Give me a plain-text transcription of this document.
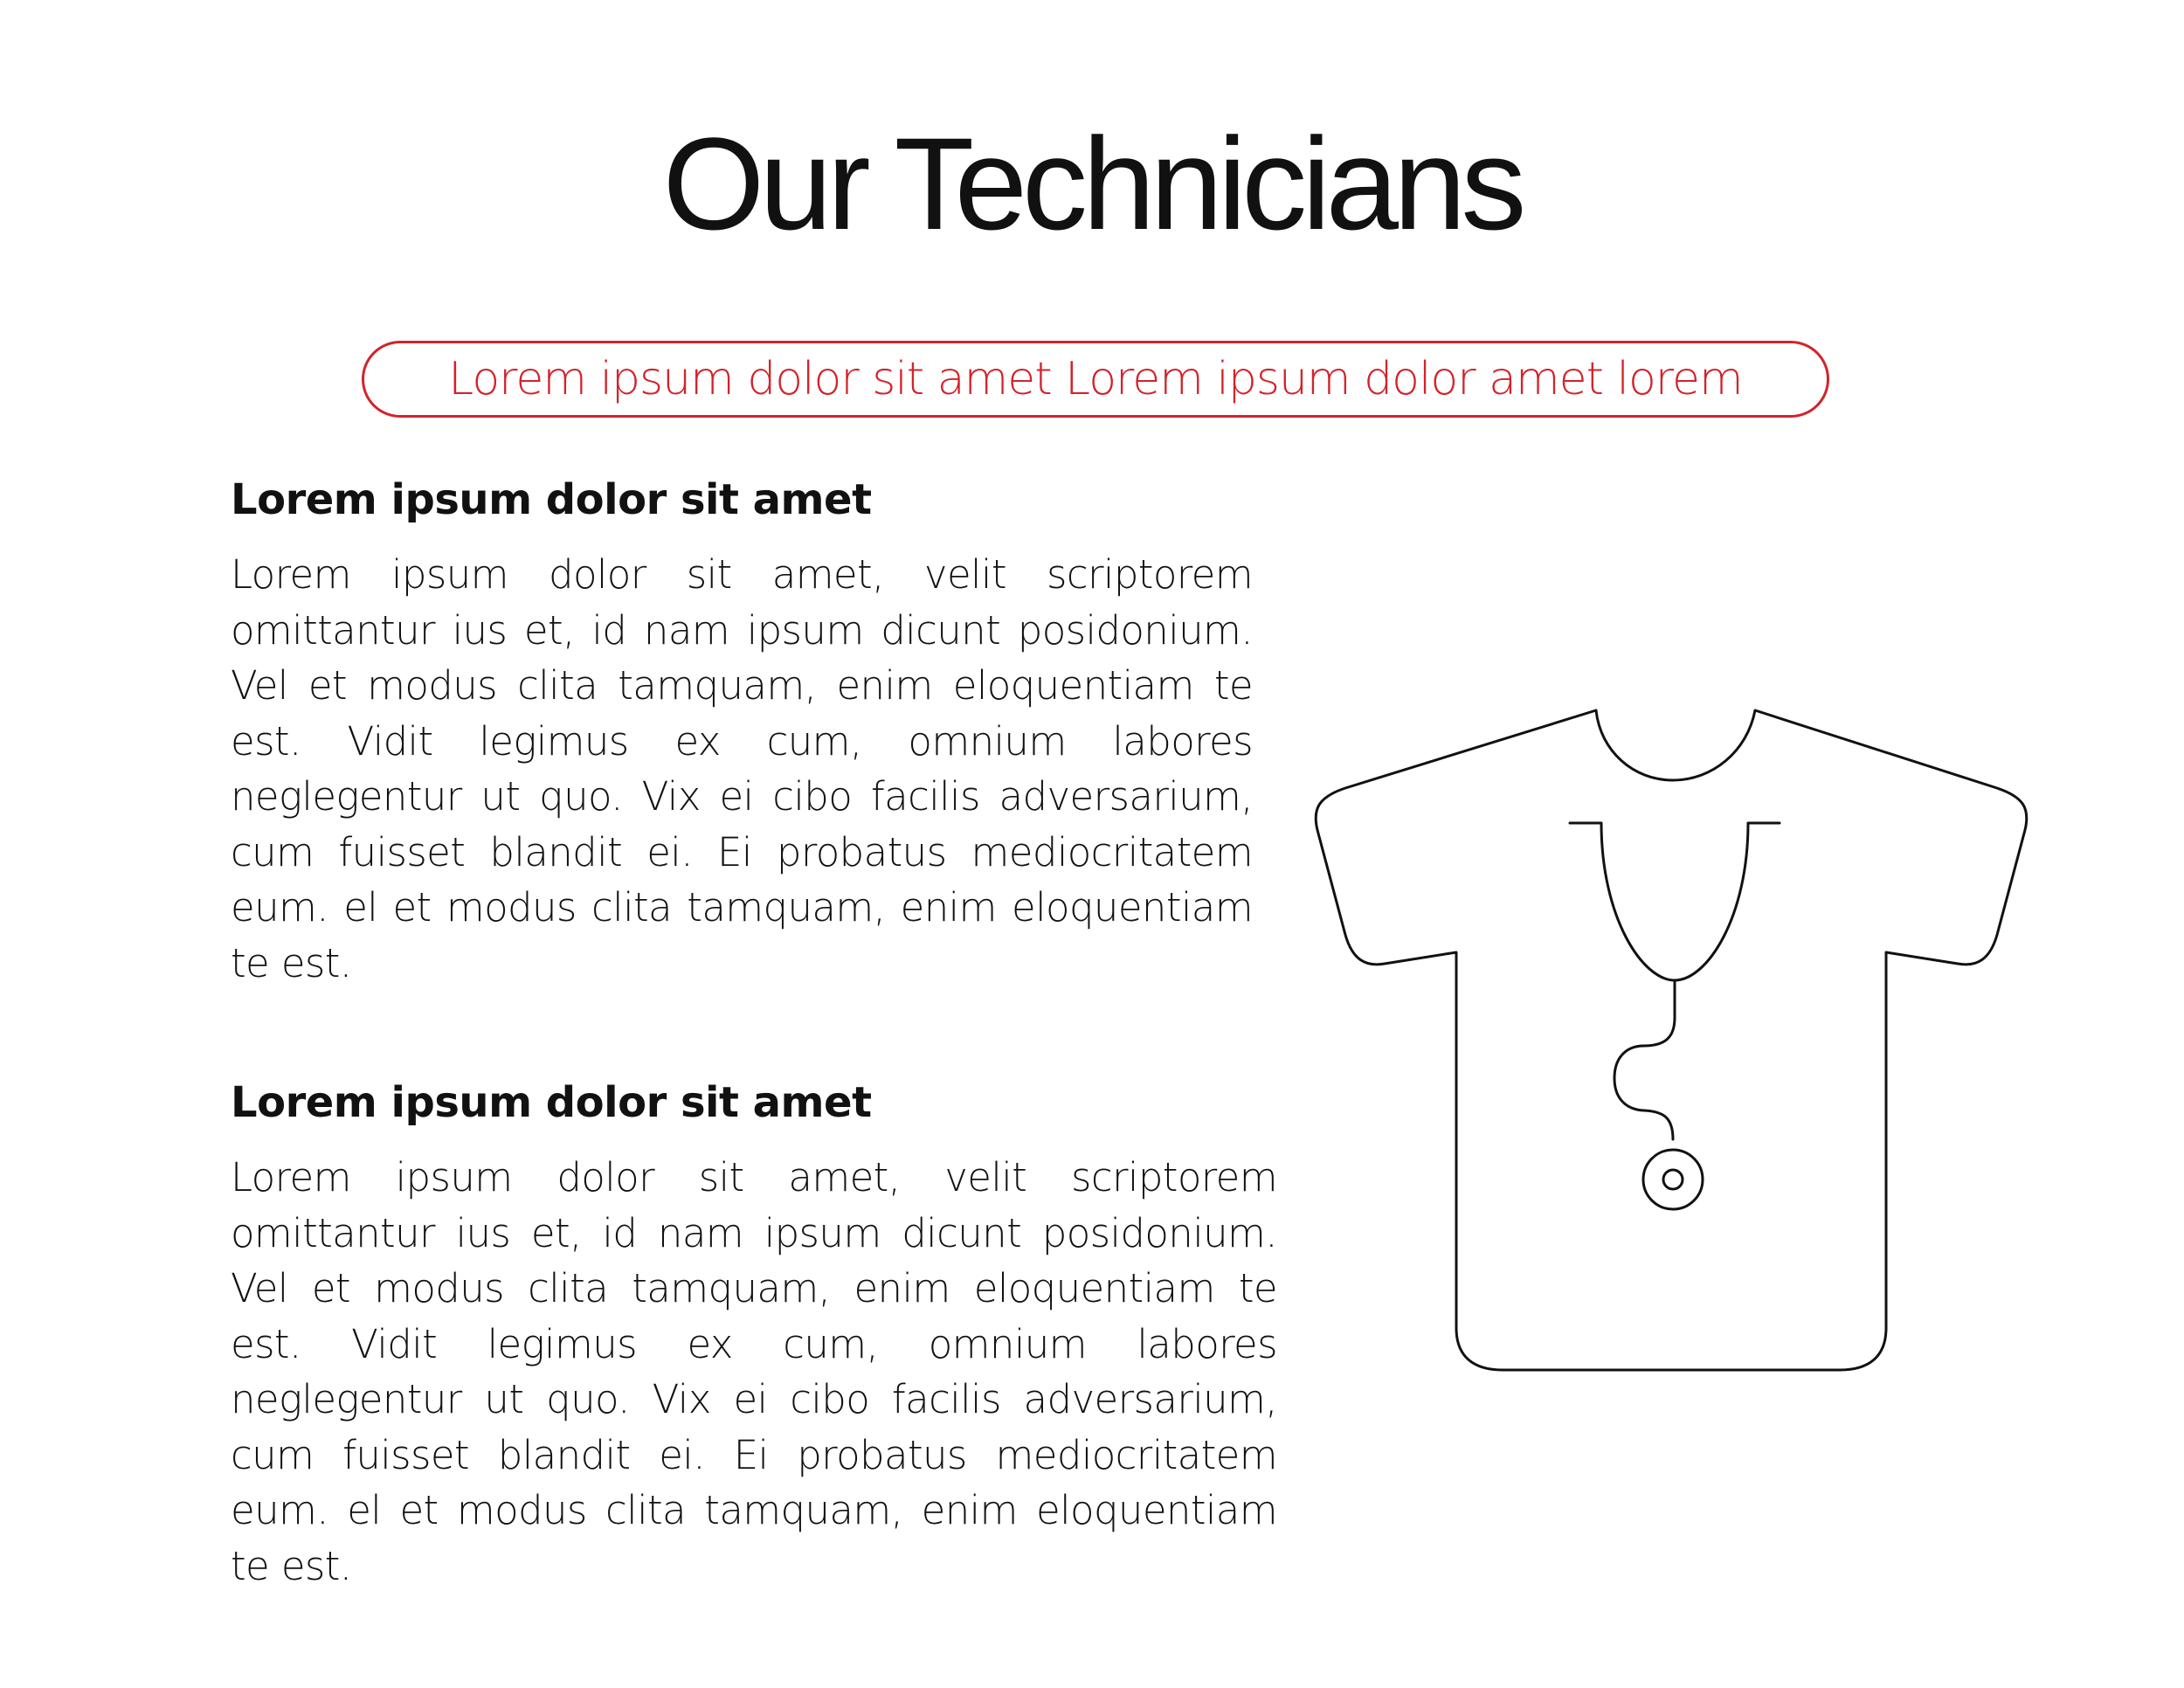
Our Technicians
Lorem ipsum dolor sit amet Lorem ipsum dolor amet lorem
Lorem ipsum dolor sit amet

Lorem ipsum dolor sit amet, velit scriptorem omittantur ius et, id nam ipsum dicunt posidonium. Vel et modus clita tamquam, enim eloquentiam te est. Vidit legimus ex cum, omnium labores neglegentur ut quo. Vix ei cibo facilis adversarium, cum fuisset blandit ei. Ei probatus mediocritatem eum. el et modus clita tamquam, enim eloquentiam te est.

Lorem ipsum dolor sit amet

Lorem ipsum dolor sit amet, velit scriptorem omittantur ius et, id nam ipsum dicunt posidonium. Vel et modus clita tamquam, enim eloquentiam te est. Vidit legimus ex cum, omnium labores neglegentur ut quo. Vix ei cibo facilis adversarium, cum fuisset blandit ei. Ei probatus mediocritatem eum. el et modus clita tamquam, enim eloquentiam te est.
